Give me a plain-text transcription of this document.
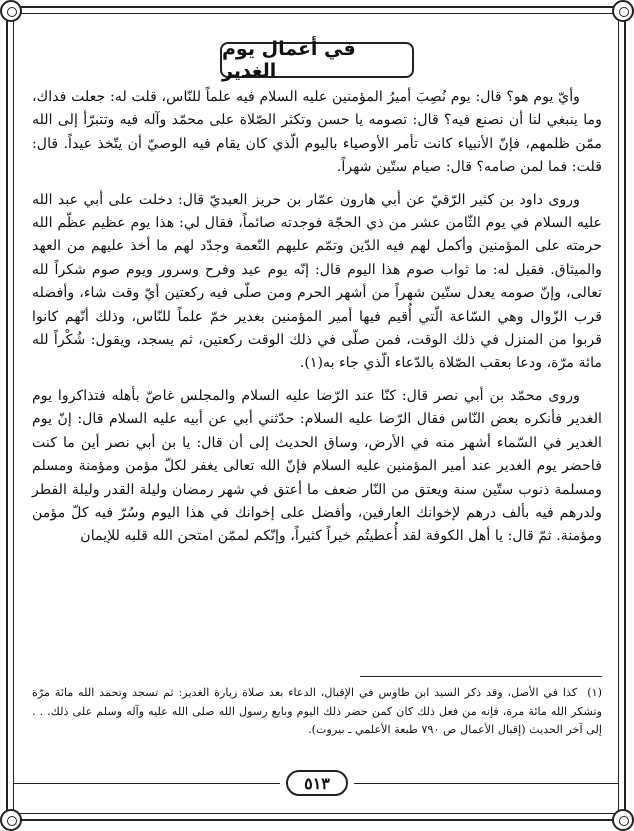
في أعمال يوم الغدير

وأيّ يوم هو؟ قال: يوم نُصِبَ أميرُ المؤمنين عليه السلام فيه علماً للنّاس، قلت له: جعلت فداك، وما ينبغي لنا أن نصنع فيه؟ قال: تصومه يا حسن وتكثر الصّلاة على محمّد وآله فيه وتتبرّأ إلى الله ممّن ظلمهم، فإنّ الأنبياء كانت تأمر الأوصياء باليوم الّذي كان يقام فيه الوصيّ أن يتّخذ عيداً. قال: قلت: فما لمن صامه؟ قال: صيام ستّين شهراً.

وروى داود بن كثير الرّقيّ عن أبي هارون عمّار بن حريز العبديّ قال: دخلت على أبي عبد الله عليه السلام في يوم الثّامن عشر من ذي الحجّة فوجدته صائماً، فقال لي: هذا يوم عظيم عظّم الله حرمته على المؤمنين وأكمل لهم فيه الدّين وتمّم عليهم النّعمة وجدّد لهم ما أخذ عليهم من العهد والميثاق. فقيل له: ما ثواب صوم هذا اليوم قال: إنّه يوم عيد وفرح وسرور ويوم صوم شكراً لله تعالى، وإنّ صومه يعدل ستّين شهراً من أشهر الحرم ومن صلّى فيه ركعتين أيّ وقت شاء، وأفضله قرب الزّوال وهي السّاعة الّتي أُقيم فيها أمير المؤمنين بغدير خمّ علماً للنّاس، وذلك أنّهم كانوا قربوا من المنزل في ذلك الوقت، فمن صلّى في ذلك الوقت ركعتين، ثم يسجد، ويقول: شُكْراً لله مائة مرّة، ودعا بعقب الصّلاة بالدّعاء الّذي جاء به(١).

وروى محمّد بن أبي نصر قال: كنّا عند الرّضا عليه السلام والمجلس غاصّ بأهله فتذاكروا يوم الغدير فأنكره بعض النّاس فقال الرّضا عليه السلام: حدّثني أبي عن أبيه عليه السلام قال: إنّ يوم الغدير في السّماء أشهر منه في الأرض، وساق الحديث إلى أن قال: يا بن أبي نصر أين ما كنت فاحضر يوم الغدير عند أمير المؤمنين عليه السلام فإنّ الله تعالى يغفر لكلّ مؤمن ومؤمنة ومسلم ومسلمة ذنوب ستّين سنة ويعتق من النّار ضعف ما أعتق في شهر رمضان وليلة القدر وليلة الفطر ولدرهم فيه بألف درهم لإخوانك العارفين، وأفضل على إخوانك في هذا اليوم وسُرّ فيه كلّ مؤمن ومؤمنة. ثمّ قال: يا أهل الكوفة لقد أُعطيتُم خيراً كثيراً، وإنّكم لممّن امتحن الله قلبه للإيمان

(١)كذا في الأصل، وقد ذكر السيد ابن طاوس في الإقبال، الدعاء بعد صلاة زيارة الغدير: ثم تسجد وتحمد الله مائة مرّة وتشكر الله مائة مرة، فإنه من فعل ذلك كان كمن حضر ذلك اليوم وبايع رسول الله صلى الله عليه وآله وسلم على ذلك. . . إلى آخر الحديث (إقبال الأعمال ص ٧٩٠ طبعة الأعلمي ـ بيروت).
٥١٣
